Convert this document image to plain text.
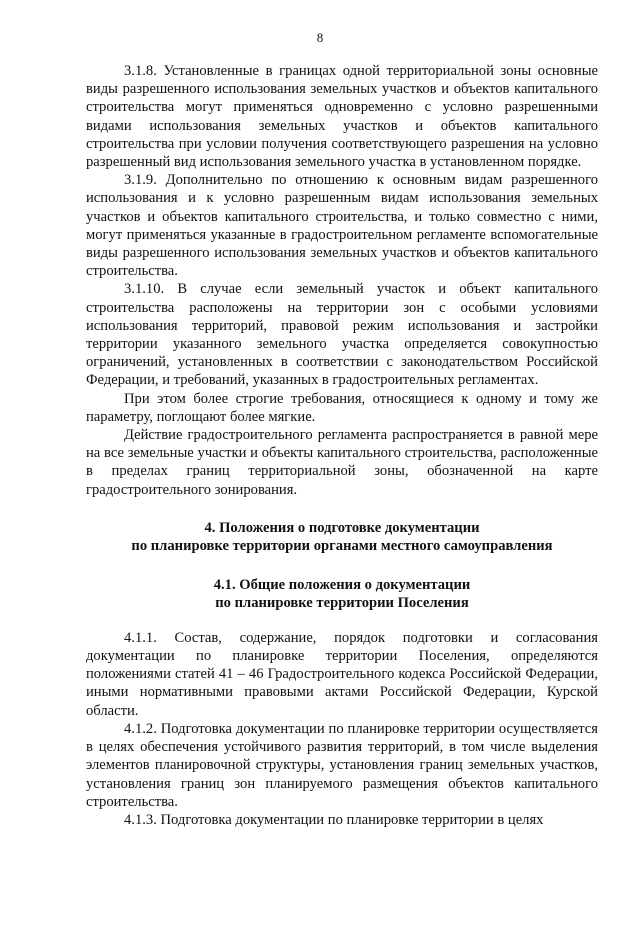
8

3.1.8. Установленные в границах одной территориальной зоны основные виды разрешенного использования земельных участков и объектов капитального строительства могут применяться одновременно с условно разрешенными видами использования земельных участков и объектов капитального строительства при условии получения соответствующего разрешения на условно разрешенный вид использования земельного участка в установленном порядке.

3.1.9. Дополнительно по отношению к основным видам разрешенного использования и к условно разрешенным видам использования земельных участков и объектов капитального строительства, и только совместно с ними, могут применяться указанные в градостроительном регламенте вспомогательные виды разрешенного использования земельных участков и объектов капитального строительства.

3.1.10. В случае если земельный участок и объект капитального строительства расположены на территории зон с особыми условиями использования территорий, правовой режим использования и застройки территории указанного земельного участка определяется совокупностью ограничений, установленных в соответствии с законодательством Российской Федерации, и требований, указанных в градостроительных регламентах.

При этом более строгие требования, относящиеся к одному и тому же параметру, поглощают более мягкие.

Действие градостроительного регламента распространяется в равной мере на все земельные участки и объекты капитального строительства, расположенные в пределах границ территориальной зоны, обозначенной на карте градостроительного зонирования.

4. Положения о подготовке документации
по планировке территории органами местного самоуправления
4.1. Общие положения о документации
по планировке территории Поселения

4.1.1. Состав, содержание, порядок подготовки и согласования документации по планировке территории Поселения, определяются положениями статей 41 – 46 Градостроительного кодекса Российской Федерации, иными нормативными правовыми актами Российской Федерации, Курской области.

4.1.2. Подготовка документации по планировке территории осуществляется в целях обеспечения устойчивого развития территорий, в том числе выделения элементов планировочной структуры, установления границ земельных участков, установления границ зон планируемого размещения объектов капитального строительства.

4.1.3. Подготовка документации по планировке территории в целях
